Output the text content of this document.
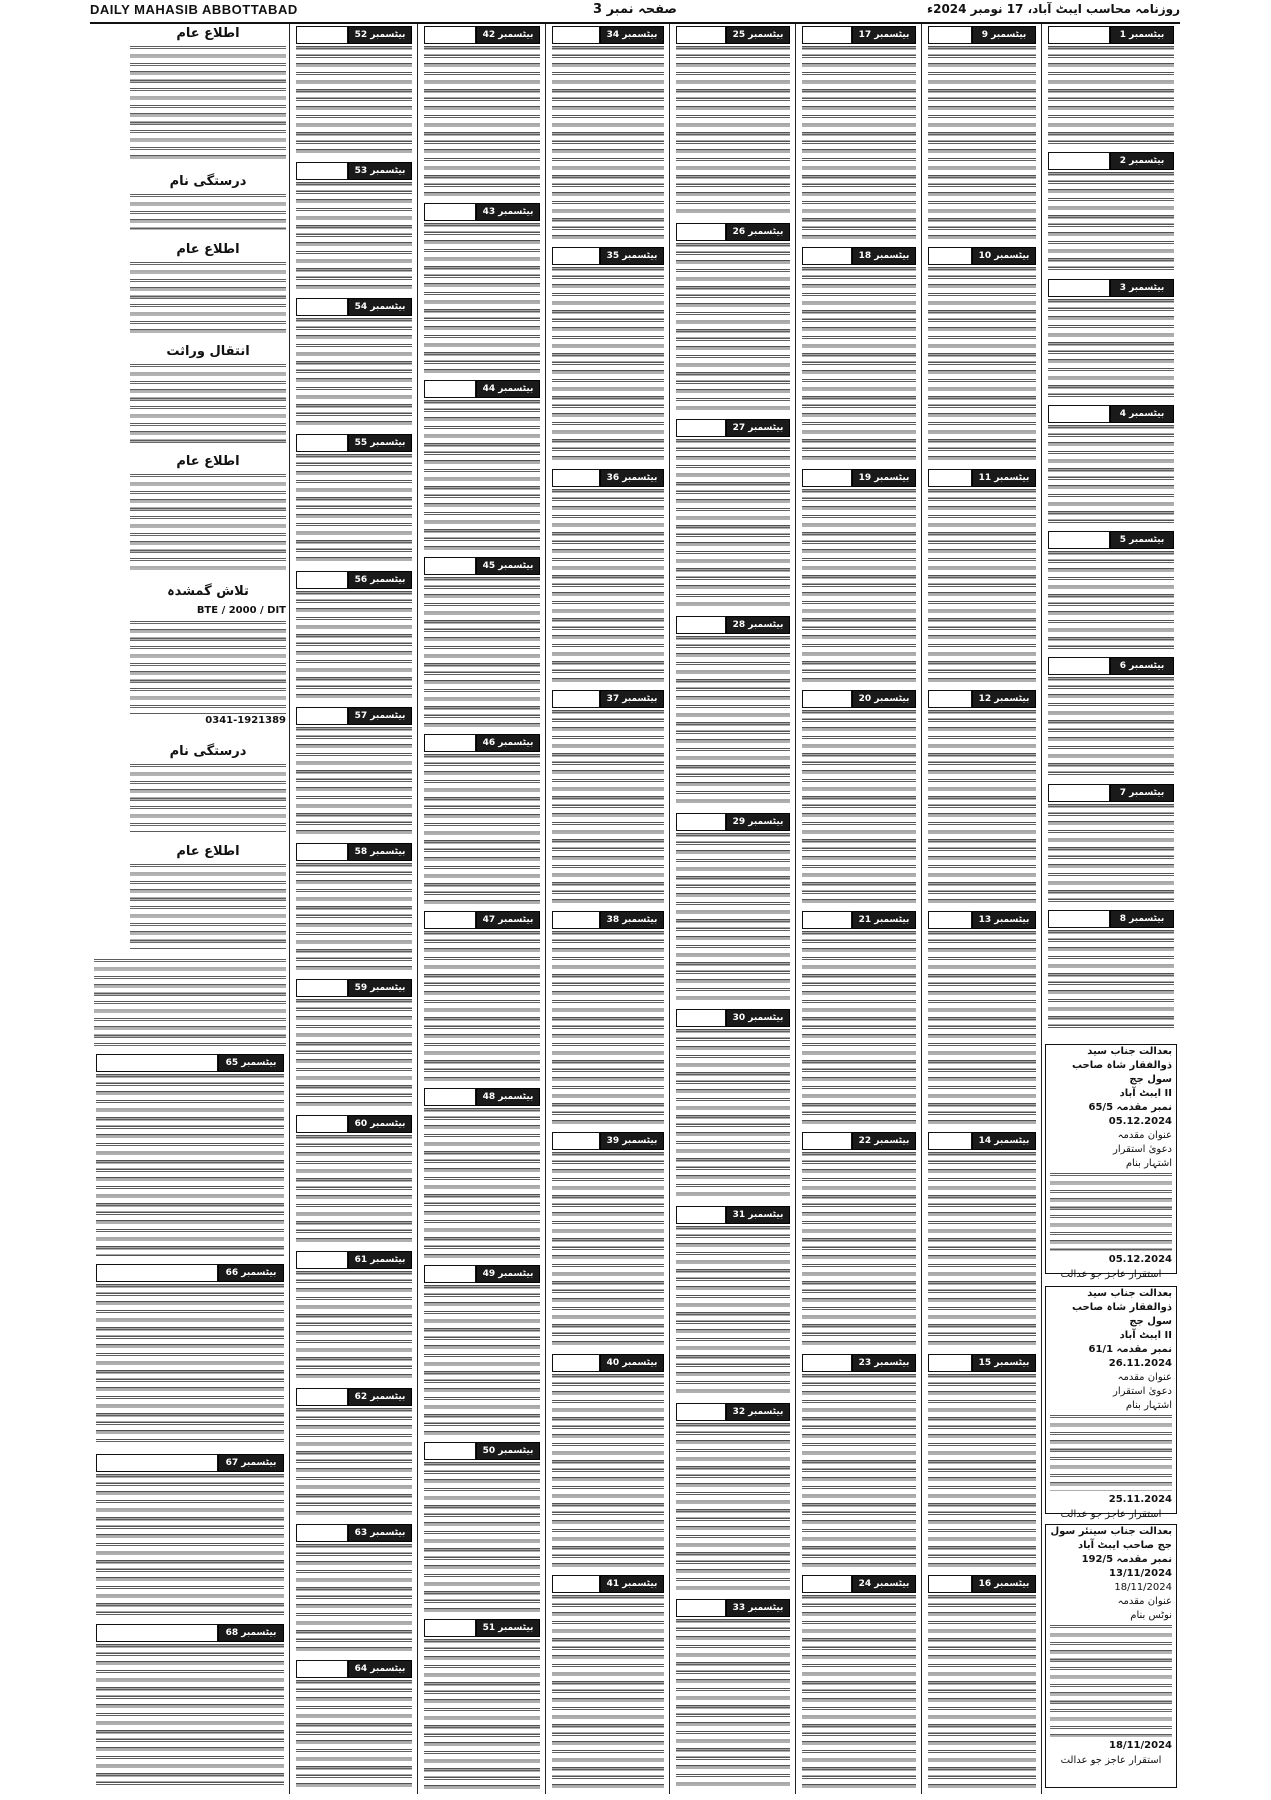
DAILY MAHASIB ABBOTTABAD	صفحہ نمبر 3	روزنامہ محاسب ایبٹ آباد، 17 نومبر 2024ء
بیٹسمبر 1
بیٹسمبر 2
بیٹسمبر 3
بیٹسمبر 4
بیٹسمبر 5
بیٹسمبر 6
بیٹسمبر 7
بیٹسمبر 8
بعدالت جناب سید ذوالفقار شاہ صاحب سول جج
II ایبٹ آباد
نمبر مقدمہ 65/5
05.12.2024
عنوان مقدمہ
دعویٰ استقرار
اشتہار بنام
05.12.2024
استقرار عاجز جو عدالت
بعدالت جناب سید ذوالفقار شاہ صاحب سول جج
II ایبٹ آباد
نمبر مقدمہ 61/1
26.11.2024
عنوان مقدمہ
دعویٰ استقرار
اشتہار بنام
25.11.2024
استقرار عاجز جو عدالت
بعدالت جناب سینئر سول جج صاحب ایبٹ آباد
نمبر مقدمہ 192/5
13/11/2024
18/11/2024
عنوان مقدمہ
نوٹس بنام
18/11/2024
استقرار عاجز جو عدالت
بیٹسمبر 9
بیٹسمبر 10
بیٹسمبر 11
بیٹسمبر 12
بیٹسمبر 13
بیٹسمبر 14
بیٹسمبر 15
بیٹسمبر 16
بیٹسمبر 17
بیٹسمبر 18
بیٹسمبر 19
بیٹسمبر 20
بیٹسمبر 21
بیٹسمبر 22
بیٹسمبر 23
بیٹسمبر 24
بیٹسمبر 25
بیٹسمبر 26
بیٹسمبر 27
بیٹسمبر 28
بیٹسمبر 29
بیٹسمبر 30
بیٹسمبر 31
بیٹسمبر 32
بیٹسمبر 33
بیٹسمبر 34
بیٹسمبر 35
بیٹسمبر 36
بیٹسمبر 37
بیٹسمبر 38
بیٹسمبر 39
بیٹسمبر 40
بیٹسمبر 41
بیٹسمبر 42
بیٹسمبر 43
بیٹسمبر 44
بیٹسمبر 45
بیٹسمبر 46
بیٹسمبر 47
بیٹسمبر 48
بیٹسمبر 49
بیٹسمبر 50
بیٹسمبر 51
بیٹسمبر 52
بیٹسمبر 53
بیٹسمبر 54
بیٹسمبر 55
بیٹسمبر 56
بیٹسمبر 57
بیٹسمبر 58
بیٹسمبر 59
بیٹسمبر 60
بیٹسمبر 61
بیٹسمبر 62
بیٹسمبر 63
بیٹسمبر 64
اطلاع عام
درستگی نام
اطلاع عام
انتقال وراثت
اطلاع عام
تلاش گمشدہ
درستگی نام
اطلاع عام
0341-1921389
BTE / 2000 / DIT
بیٹسمبر 65
بیٹسمبر 66
بیٹسمبر 67
بیٹسمبر 68
